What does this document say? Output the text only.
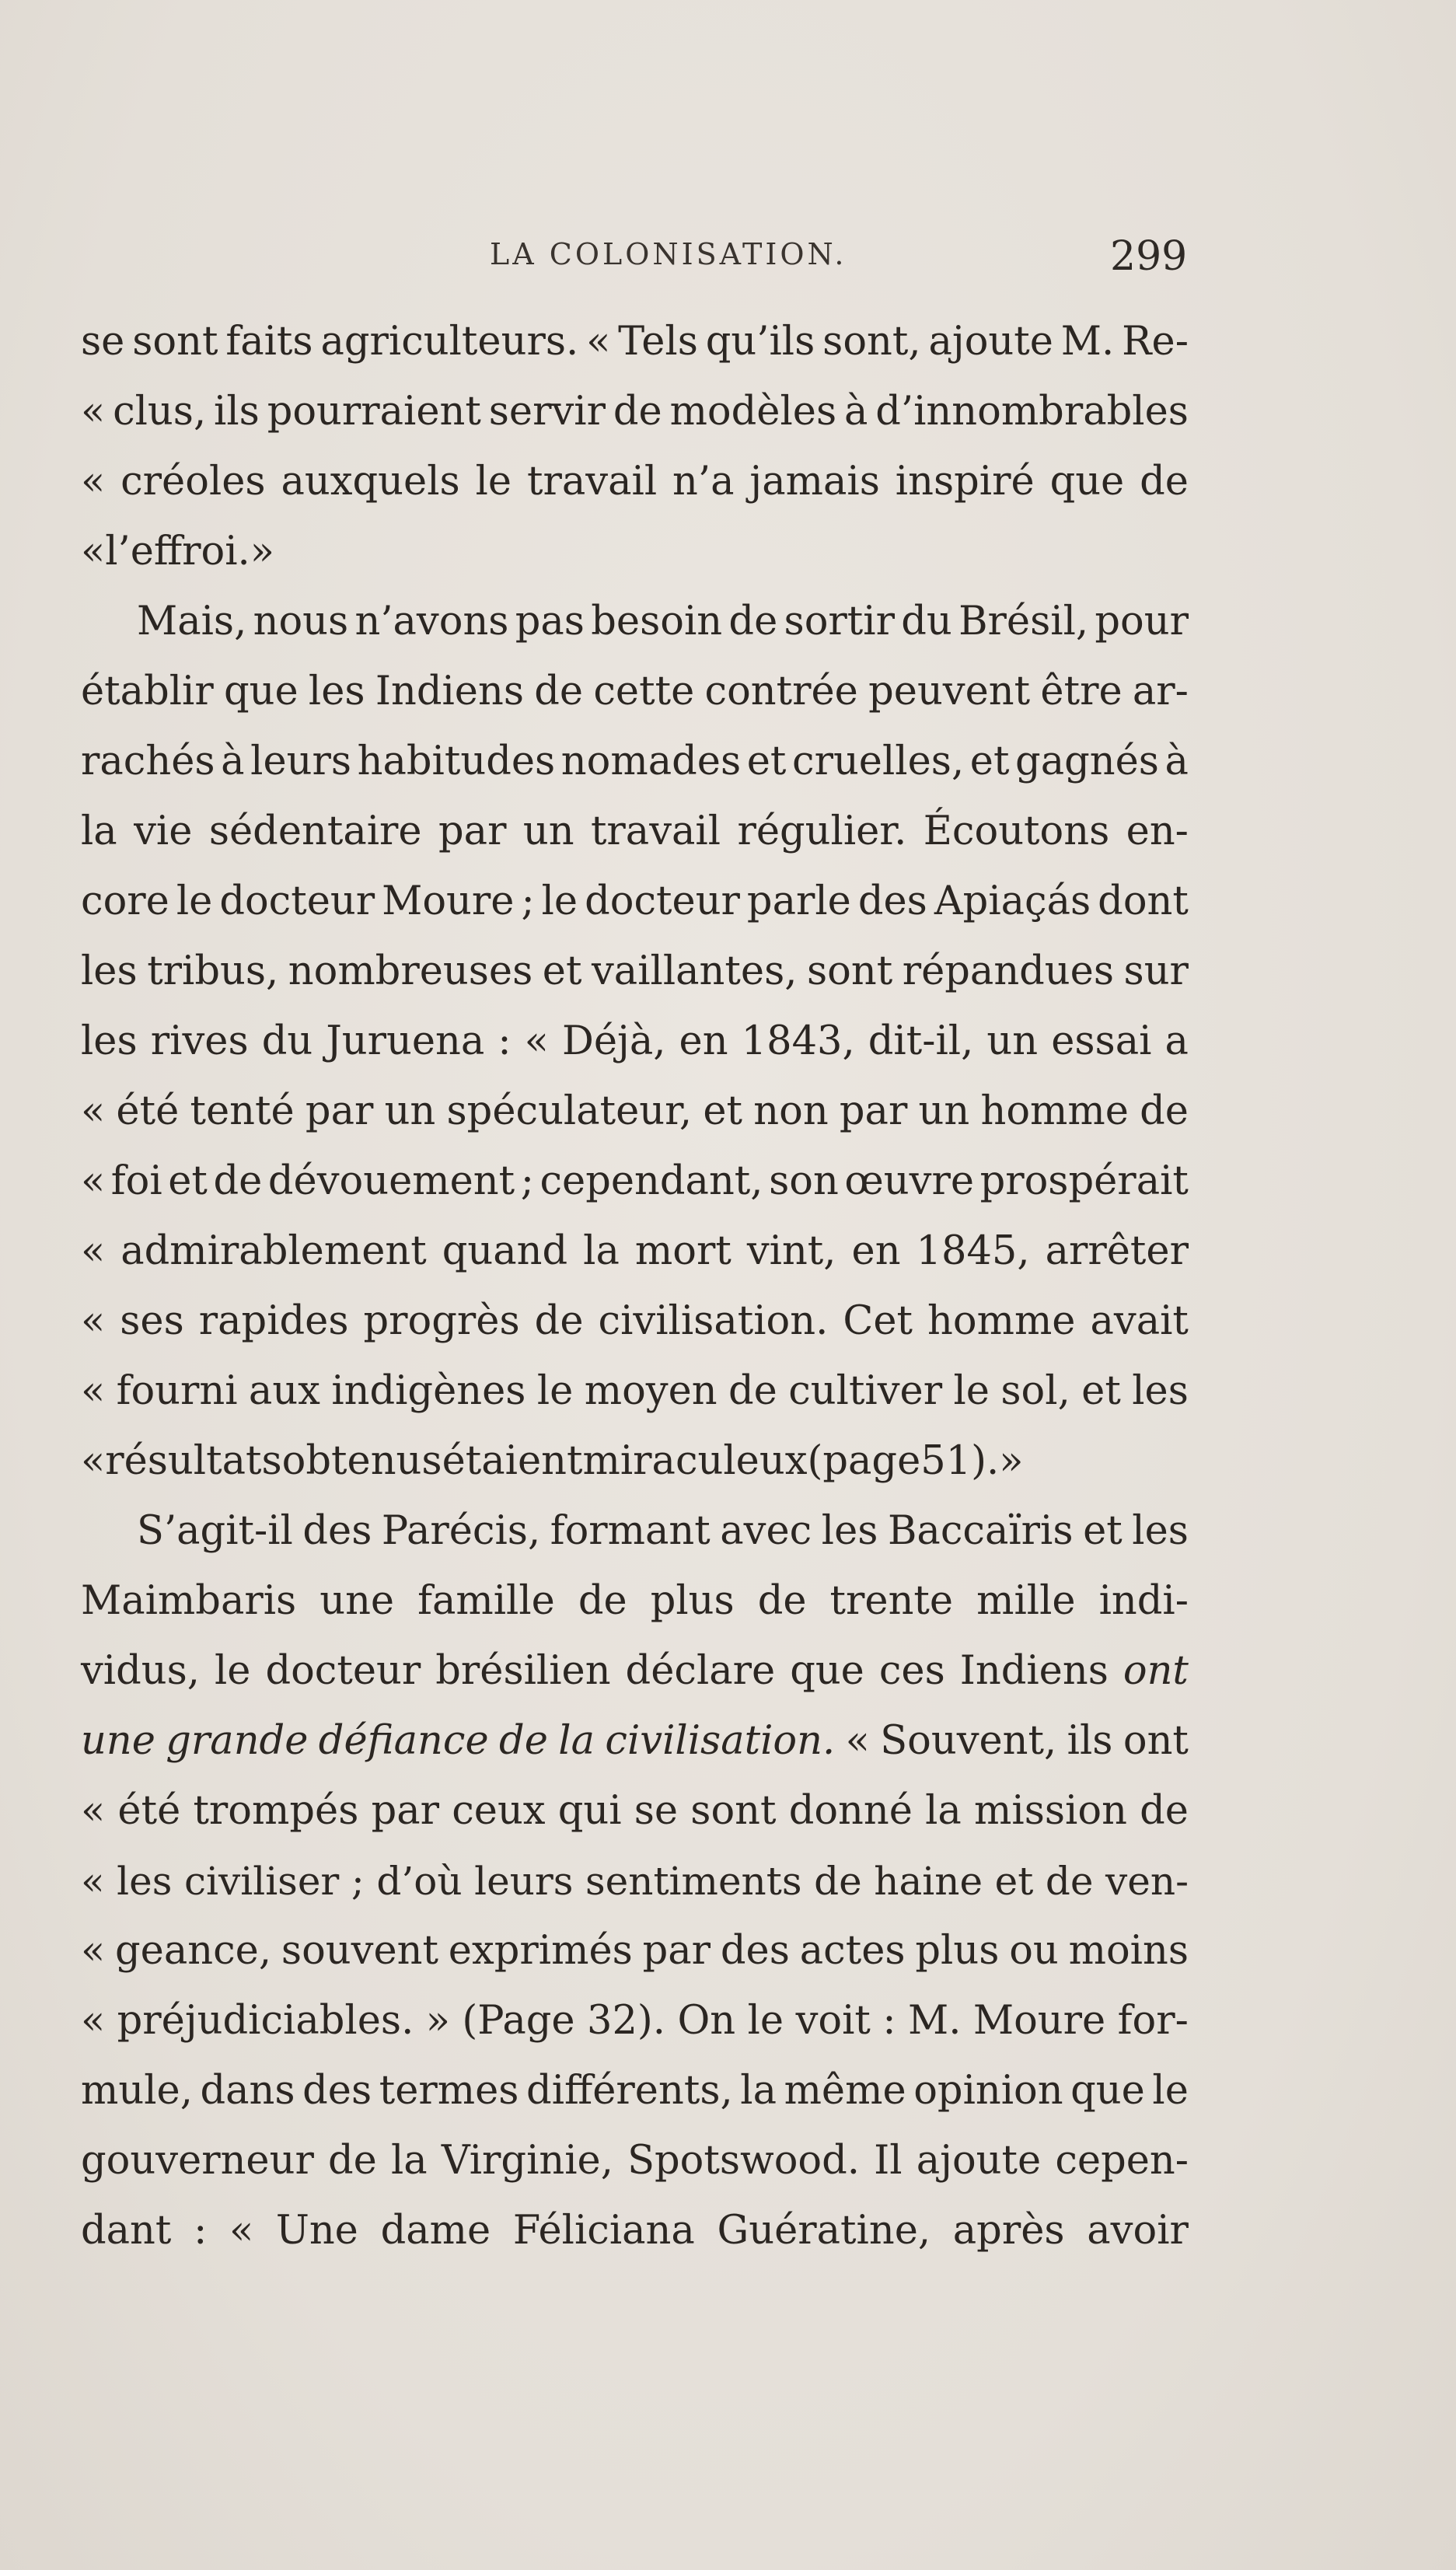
LA COLONISATION.	299
se sont faits agriculteurs. « Tels qu’ils sont, ajoute M. Re-
« clus, ils pourraient servir de modèles à d’innombrables
« créoles auxquels le travail n’a jamais inspiré que de
« l’effroi. »
Mais, nous n’avons pas besoin de sortir du Brésil, pour
établir que les Indiens de cette contrée peuvent être ar-
rachés à leurs habitudes nomades et cruelles, et gagnés à
la vie sédentaire par un travail régulier. Écoutons en-
core le docteur Moure ; le docteur parle des Apiaçás dont
les tribus, nombreuses et vaillantes, sont répandues sur
les rives du Juruena : « Déjà, en 1843, dit-il, un essai a
« été tenté par un spéculateur, et non par un homme de
« foi et de dévouement ; cependant, son œuvre prospérait
« admirablement quand la mort vint, en 1845, arrêter
« ses rapides progrès de civilisation. Cet homme avait
« fourni aux indigènes le moyen de cultiver le sol, et les
« résultats obtenus étaient miraculeux (page 51). »
S’agit-il des Parécis, formant avec les Baccaïris et les
Maimbaris une famille de plus de trente mille indi-
vidus, le docteur brésilien déclare que ces Indiens ont
une grande défiance de la civilisation. « Souvent, ils ont
« été trompés par ceux qui se sont donné la mission de
« les civiliser ; d’où leurs sentiments de haine et de ven-
« geance, souvent exprimés par des actes plus ou moins
« préjudiciables. » (Page 32). On le voit : M. Moure for-
mule, dans des termes différents, la même opinion que le
gouverneur de la Virginie, Spotswood. Il ajoute cepen-
dant : « Une dame Féliciana Guératine, après avoir
